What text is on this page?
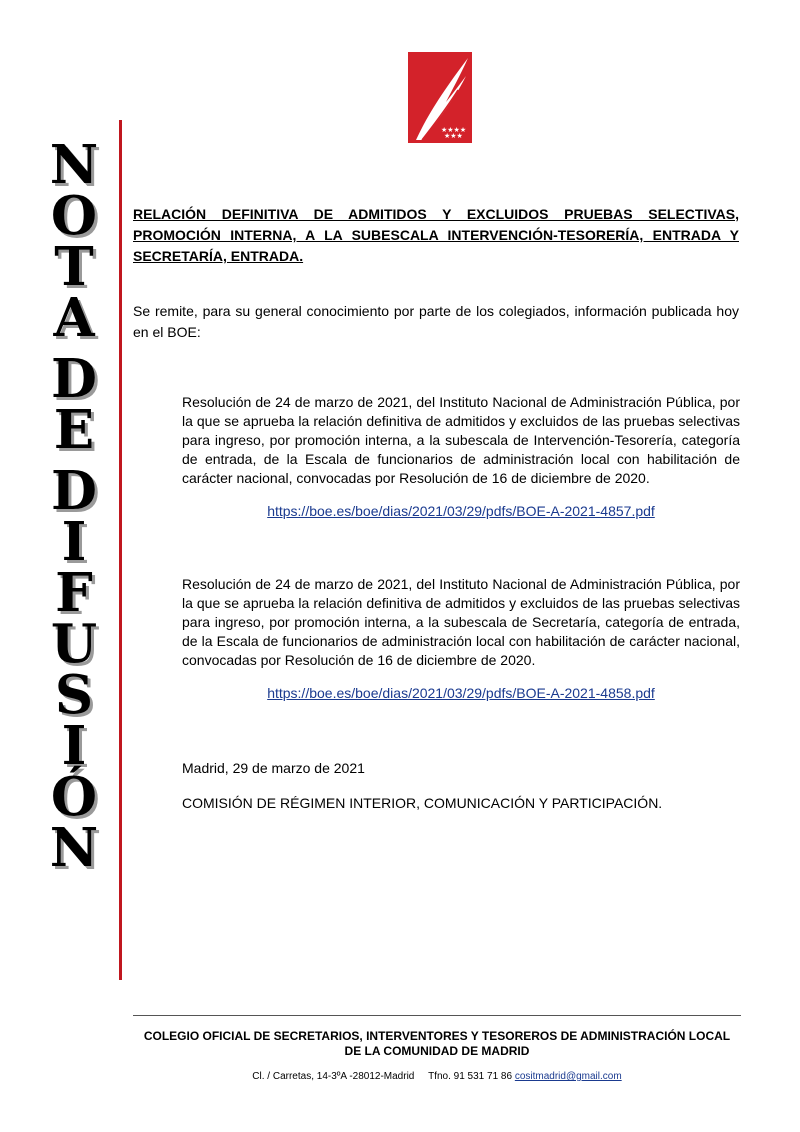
★★★★
★★★
N
O
T
A
D
E
D
I
F
U
S
I
Ó
N
RELACIÓN DEFINITIVA DE ADMITIDOS Y EXCLUIDOS PRUEBAS SELECTIVAS, PROMOCIÓN INTERNA, A LA SUBESCALA INTERVENCIÓN-TESORERÍA, ENTRADA Y SECRETARÍA, ENTRADA.
Se remite, para su general conocimiento por parte de los colegiados, información publicada hoy en el BOE:
Resolución de 24 de marzo de 2021, del Instituto Nacional de Administración Pública, por la que se aprueba la relación definitiva de admitidos y excluidos de las pruebas selectivas para ingreso, por promoción interna, a la subescala de Intervención-Tesorería, categoría de entrada, de la Escala de funcionarios de administración local con habilitación de carácter nacional, convocadas por Resolución de 16 de diciembre de 2020.
https://boe.es/boe/dias/2021/03/29/pdfs/BOE-A-2021-4857.pdf
Resolución de 24 de marzo de 2021, del Instituto Nacional de Administración Pública, por la que se aprueba la relación definitiva de admitidos y excluidos de las pruebas selectivas para ingreso, por promoción interna, a la subescala de Secretaría, categoría de entrada, de la Escala de funcionarios de administración local con habilitación de carácter nacional, convocadas por Resolución de 16 de diciembre de 2020.
https://boe.es/boe/dias/2021/03/29/pdfs/BOE-A-2021-4858.pdf
Madrid, 29 de marzo de 2021
COMISIÓN DE RÉGIMEN INTERIOR, COMUNICACIÓN Y PARTICIPACIÓN.
COLEGIO OFICIAL DE SECRETARIOS, INTERVENTORES Y TESOREROS DE ADMINISTRACIÓN LOCAL
DE LA COMUNIDAD DE MADRID
Cl. / Carretas, 14-3ºA -28012-Madrid Tfno. 91 531 71 86 cositmadrid@gmail.com
